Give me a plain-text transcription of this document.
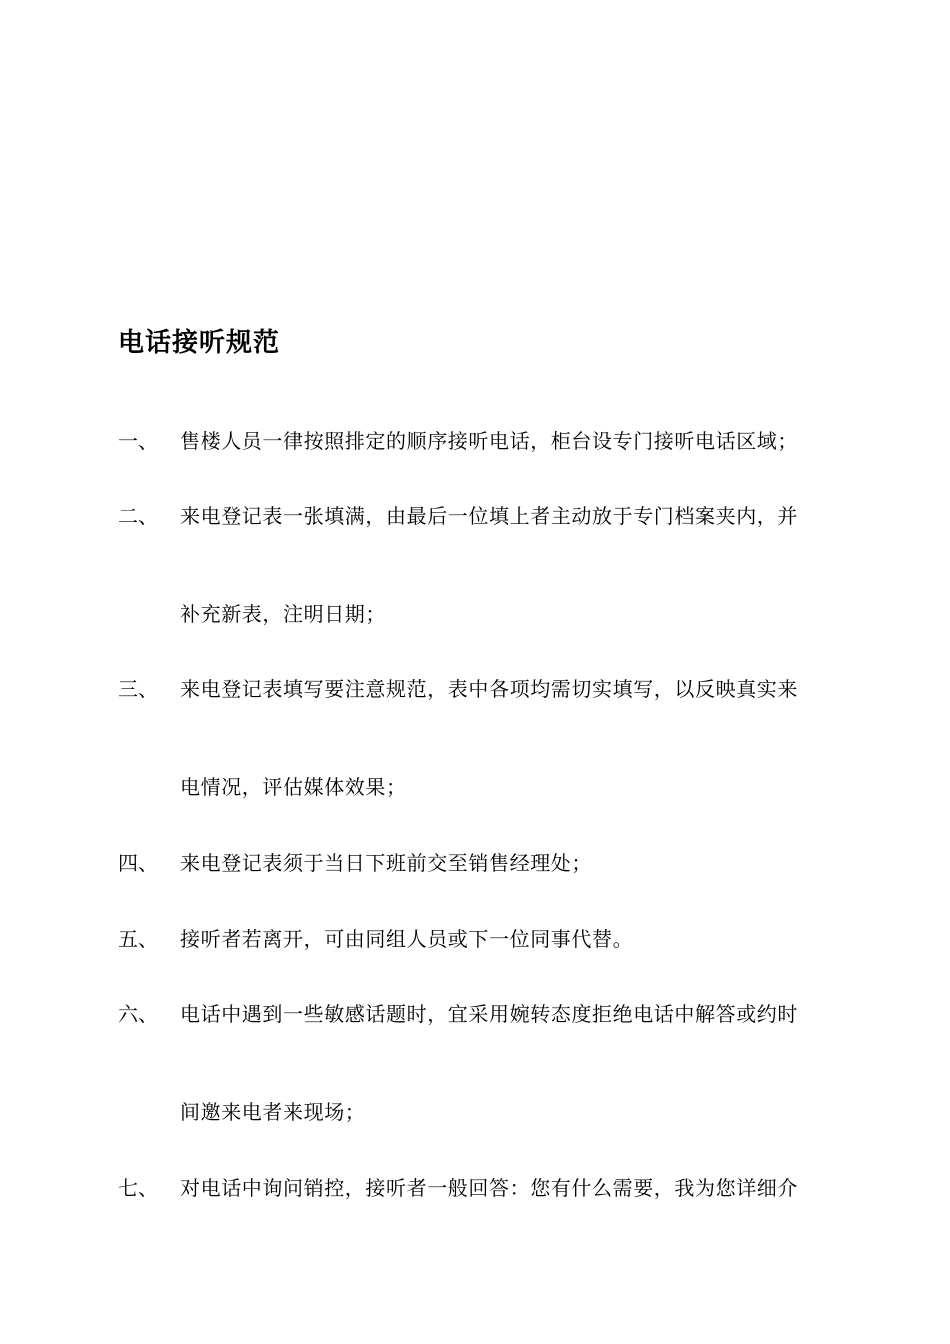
电话接听规范
一、 售楼人员一律按照排定的顺序接听电话，柜台设专门接听电话区域；
二、 来电登记表一张填满，由最后一位填上者主动放于专门档案夹内，并
补充新表，注明日期；
三、 来电登记表填写要注意规范，表中各项均需切实填写，以反映真实来
电情况，评估媒体效果；
四、 来电登记表须于当日下班前交至销售经理处；
五、 接听者若离开，可由同组人员或下一位同事代替。
六、 电话中遇到一些敏感话题时，宜采用婉转态度拒绝电话中解答或约时
间邀来电者来现场；
七、 对电话中询问销控，接听者一般回答：您有什么需要，我为您详细介
